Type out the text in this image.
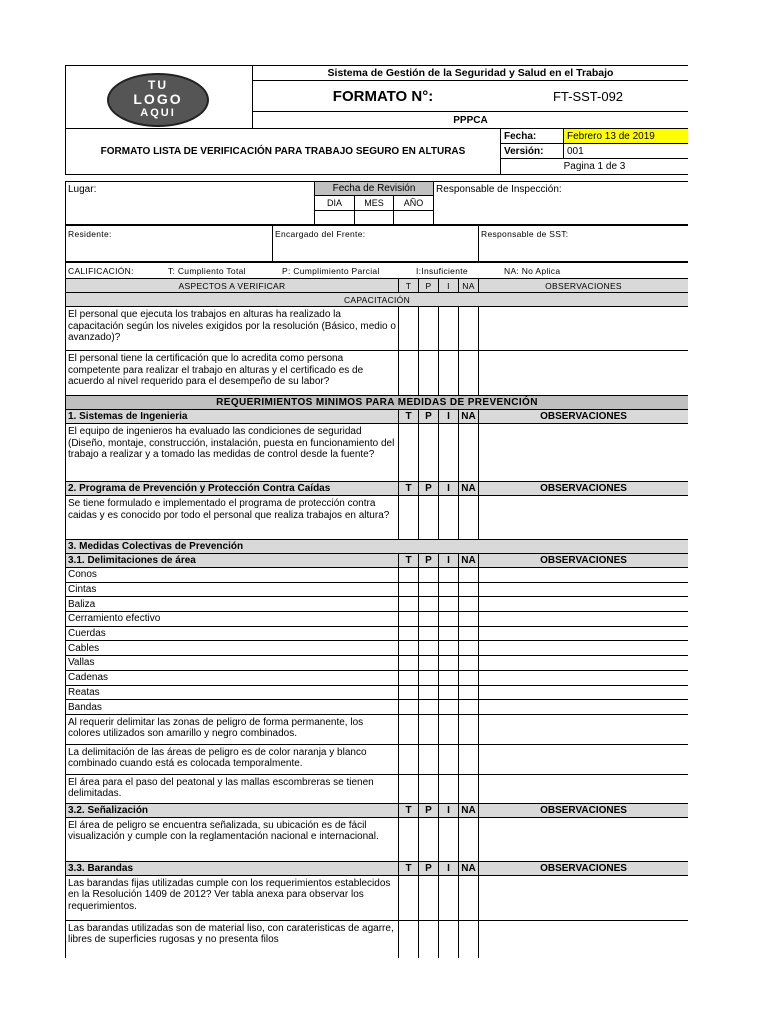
TU
LOGO
AQUI	Sistema de Gestión de la Seguridad y Salud en el Trabajo		

	FORMATO N°: FT-SST-092		

	PPPCA		
FORMATO LISTA DE VERIFICACIÓN PARA TRABAJO SEGURO EN ALTURAS		Fecha:	Febrero 13 de 2019
		Versión:	001
		Pagina 1 de 3	
Lugar:	Fecha de Revisión			Responsable de Inspección:
	DIA	MES	AÑO	

Residente:	Encargado del Frente:	Responsable de SST:
CALIFICACIÓN: T: Cumpliento Total P: Cumplimiento Parcial I:Insuficiente NA: No Aplica					
ASPECTOS A VERIFICAR	T	P	I	NA	OBSERVACIONES
CAPACITACIÓN					
El personal que ejecuta los trabajos en alturas ha realizado la capacitación según los niveles exigidos por la resolución (Básico, medio o avanzado)?					
El personal tiene la certificación que lo acredita como persona competente para realizar el trabajo en alturas y el certificado es de acuerdo al nivel requerido para el desempeño de su labor?					
REQUERIMIENTOS MINIMOS PARA MEDIDAS DE PREVENCIÓN					
1. Sistemas de Ingenieria	T	P	I	NA	OBSERVACIONES
El equipo de ingenieros ha evaluado las condiciones de seguridad (Diseño, montaje, construcción, instalación, puesta en funcionamiento del trabajo a realizar y a tomado las medidas de control desde la fuente?					
2. Programa de Prevención y Protección Contra Caídas	T	P	I	NA	OBSERVACIONES
Se tiene formulado e implementado el programa de protección contra caidas y es conocido por todo el personal que realiza trabajos en altura?					
3. Medidas Colectivas de Prevención					
3.1. Delimitaciones de área	T	P	I	NA	OBSERVACIONES
Conos					
Cintas					
Baliza					
Cerramiento efectivo					
Cuerdas					
Cables					
Vallas					
Cadenas					
Reatas					
Bandas					
Al requerir delimitar las zonas de peligro de forma permanente, los colores utilizados son amarillo y negro combinados.					
La delimitación de las áreas de peligro es de color naranja y blanco combinado cuando está es colocada temporalmente.					
El área para el paso del peatonal y las mallas escombreras se tienen delimitadas.					
3.2. Señalización	T	P	I	NA	OBSERVACIONES
El área de peligro se encuentra señalizada, su ubicación es de fácil visualización y cumple con la reglamentación nacional e internacional.					
3.3. Barandas	T	P	I	NA	OBSERVACIONES
Las barandas fijas utilizadas cumple con los requerimientos establecidos en la Resolución 1409 de 2012? Ver tabla anexa para observar los requerimientos.					
Las barandas utilizadas son de material liso, con carateristicas de agarre, libres de superficies rugosas y no presenta filos					
